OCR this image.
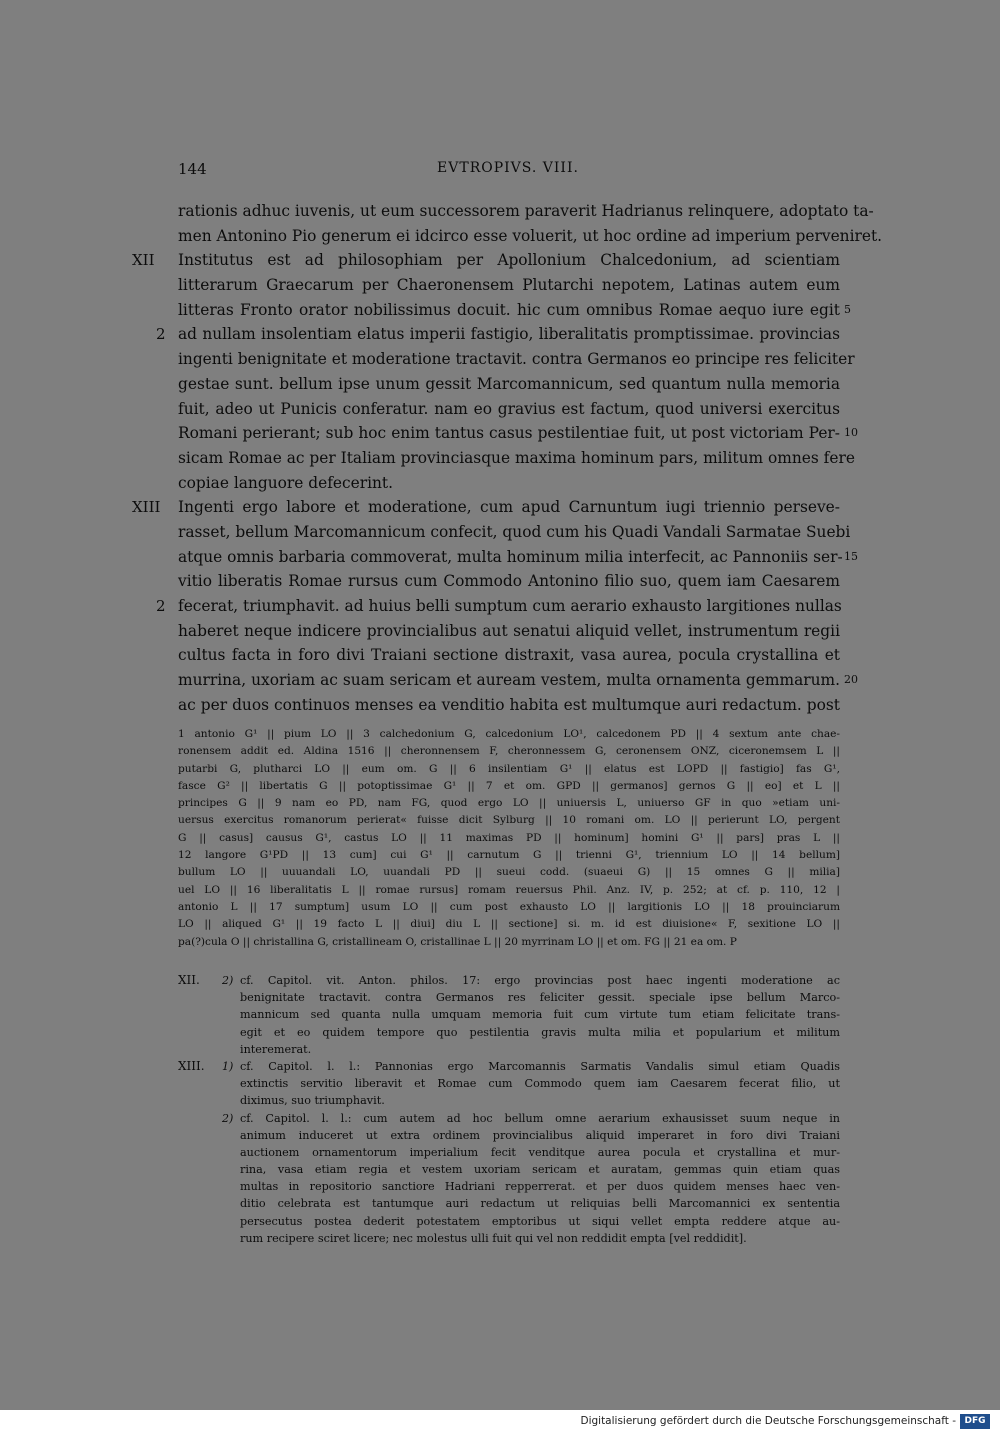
144	EVTROPIVS. VIII.
rationis adhuc iuvenis, ut eum successorem paraverit Hadrianus relinquere, adoptato ta-
men Antonino Pio generum ei idcirco esse voluerit, ut hoc ordine ad imperium perveniret.
XII Institutus est ad philosophiam per Apollonium Chalcedonium, ad scientiam
litterarum Graecarum per Chaeronensem Plutarchi nepotem, Latinas autem eum
litteras Fronto orator nobilissimus docuit. hic cum omnibus Romae aequo iure egit 5
2 ad nullam insolentiam elatus imperii fastigio, liberalitatis promptissimae. provincias
ingenti benignitate et moderatione tractavit. contra Germanos eo principe res feliciter
gestae sunt. bellum ipse unum gessit Marcomannicum, sed quantum nulla memoria
fuit, adeo ut Punicis conferatur. nam eo gravius est factum, quod universi exercitus
Romani perierant; sub hoc enim tantus casus pestilentiae fuit, ut post victoriam Per- 10
sicam Romae ac per Italiam provinciasque maxima hominum pars, militum omnes fere
copiae languore defecerint.
XIII Ingenti ergo labore et moderatione, cum apud Carnuntum iugi triennio perseve-
rasset, bellum Marcomannicum confecit, quod cum his Quadi Vandali Sarmatae Suebi
atque omnis barbaria commoverat, multa hominum milia interfecit, ac Pannoniis ser- 15
vitio liberatis Romae rursus cum Commodo Antonino filio suo, quem iam Caesarem
2 fecerat, triumphavit. ad huius belli sumptum cum aerario exhausto largitiones nullas
haberet neque indicere provincialibus aut senatui aliquid vellet, instrumentum regii
cultus facta in foro divi Traiani sectione distraxit, vasa aurea, pocula crystallina et
murrina, uxoriam ac suam sericam et auream vestem, multa ornamenta gemmarum. 20
ac per duos continuos menses ea venditio habita est multumque auri redactum. post
1 antonio G¹ || pium LO || 3 calchedonium G, calcedonium LO¹, calcedonem PD || 4 sextum ante chae-
ronensem addit ed. Aldina 1516 || cheronnensem F, cheronnessem G, ceronensem ONZ, ciceronemsem L ||
putarbi G, plutharci LO || eum om. G || 6 insilentiam G¹ || elatus est LOPD || fastigio] fas G¹,
fasce G² || libertatis G || potoptissimae G¹ || 7 et om. GPD || germanos] gernos G || eo] et L ||
principes G || 9 nam eo PD, nam FG, quod ergo LO || uniuersis L, uniuerso GF in quo »etiam uni-
uersus exercitus romanorum perierat« fuisse dicit Sylburg || 10 romani om. LO || perierunt LO, pergent
G || casus] causus G¹, castus LO || 11 maximas PD || hominum] homini G¹ || pars] pras L ||
12 langore G¹PD || 13 cum] cui G¹ || carnutum G || trienni G¹, triennium LO || 14 bellum]
bullum LO || uuuandali LO, uuandali PD || sueui codd. (suaeui G) || 15 omnes G || milia]
uel LO || 16 liberalitatis L || romae rursus] romam reuersus Phil. Anz. IV, p. 252; at cf. p. 110, 12 |
antonio L || 17 sumptum] usum LO || cum post exhausto LO || largitionis LO || 18 prouinciarum
LO || aliqued G¹ || 19 facto L || diui] diu L || sectione] si. m. id est diuisione« F, sexitione LO ||
pa(?)cula O || christallina G, cristallineam O, cristallinae L || 20 myrrinam LO || et om. FG || 21 ea om. P
XII. 2) cf. Capitol. vit. Anton. philos. 17: ergo provincias post haec ingenti moderatione ac
benignitate tractavit. contra Germanos res feliciter gessit. speciale ipse bellum Marco-
mannicum sed quanta nulla umquam memoria fuit cum virtute tum etiam felicitate trans-
egit et eo quidem tempore quo pestilentia gravis multa milia et popularium et militum
interemerat.
XIII. 1) cf. Capitol. l. l.: Pannonias ergo Marcomannis Sarmatis Vandalis simul etiam Quadis
extinctis servitio liberavit et Romae cum Commodo quem iam Caesarem fecerat filio, ut
diximus, suo triumphavit.
2) cf. Capitol. l. l.: cum autem ad hoc bellum omne aerarium exhausisset suum neque in
animum induceret ut extra ordinem provincialibus aliquid imperaret in foro divi Traiani
auctionem ornamentorum imperialium fecit venditque aurea pocula et crystallina et mur-
rina, vasa etiam regia et vestem uxoriam sericam et auratam, gemmas quin etiam quas
multas in repositorio sanctiore Hadriani repperrerat. et per duos quidem menses haec ven-
ditio celebrata est tantumque auri redactum ut reliquias belli Marcomannici ex sententia
persecutus postea dederit potestatem emptoribus ut siqui vellet empta reddere atque au-
rum recipere sciret licere; nec molestus ulli fuit qui vel non reddidit empta [vel reddidit].
Digitalisierung gefördert durch die Deutsche Forschungsgemeinschaft - DFG
